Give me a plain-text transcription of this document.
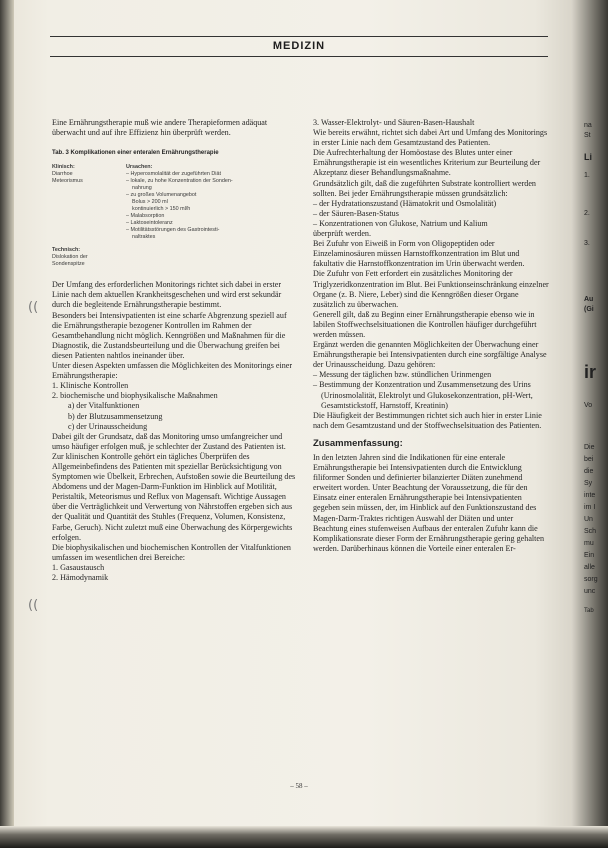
MEDIZIN

Eine Ernährungstherapie muß wie andere Therapieformen adäquat überwacht und auf ihre Effizienz hin überprüft werden.

Tab. 3 Komplikationen einer enteralen Ernährungstherapie
Klinisch:
Diarrhoe
Meteorismus
Ursachen:
– Hyperosmolalität der zugeführten Diät
– lokale, zu hohe Konzentration der Sonden-
nahrung
– zu großes Volumenangebot
Bolus > 200 ml
kontinuierlich > 150 ml/h
– Malabsorption
– Laktoseintoleranz
– Motilitätsstörungen des Gastrointesti-
naltraktes
Technisch:
Dislokation der
Sondenspitze

Der Umfang des erforderlichen Monitorings richtet sich dabei in erster Linie nach dem aktuellen Krankheitsgeschehen und wird erst sekundär durch die begleitende Ernährungstherapie bestimmt.

Besonders bei Intensivpatienten ist eine scharfe Abgrenzung speziell auf die Ernährungstherapie bezogener Kontrollen im Rahmen der Gesamtbehandlung nicht möglich. Kenngrößen und Maßnahmen für die Diagnostik, die Zustandsbeurteilung und die Überwachung greifen bei diesen Patienten nahtlos ineinander über.

Unter diesen Aspekten umfassen die Möglichkeiten des Monitorings einer Ernährungstherapie:

1. Klinische Kontrollen

2. biochemische und biophysikalische Maßnahmen

a) der Vitalfunktionen

b) der Blutzusammensetzung

c) der Urinausscheidung

Dabei gilt der Grundsatz, daß das Monitoring umso umfangreicher und umso häufiger erfolgen muß, je schlechter der Zustand des Patienten ist. Zur klinischen Kontrolle gehört ein tägliches Überprüfen des Allgemeinbefindens des Patienten mit speziellar Berücksichtigung von Symptomen wie Übelkeit, Erbrechen, Aufstoßen sowie die Beurteilung des Abdomens und der Magen-Darm-Funktion im Hinblick auf Motilität, Peristaltik, Meteorismus und Reflux von Magensaft. Wichtige Aussagen über die Verträglichkeit und Verwertung von Nährstoffen ergeben sich aus der Qualität und Quantität des Stuhles (Frequenz, Volumen, Konsistenz, Farbe, Geruch). Nicht zuletzt muß eine Überwachung des Körpergewichts erfolgen.

Die biophysikalischen und biochemischen Kontrollen der Vitalfunktionen umfassen im wesentlichen drei Bereiche:

1. Gasaustausch

2. Hämodynamik

((
((

3. Wasser-Elektrolyt- und Säuren-Basen-Haushalt

Wie bereits erwähnt, richtet sich dabei Art und Umfang des Monitorings in erster Linie nach dem Gesamtzustand des Patienten.

Die Aufrechterhaltung der Homöostase des Blutes unter einer Ernährungstherapie ist ein wesentliches Kriterium zur Beurteilung der Akzeptanz dieser Behandlungsmaßnahme.

Grundsätzlich gilt, daß die zugeführten Substrate kontrolliert werden sollten. Bei jeder Ernährungstherapie müssen grundsätzlich:

– der Hydratationszustand (Hämatokrit und Osmolalität)

– der Säuren-Basen-Status

– Konzentrationen von Glukose, Natrium und Kalium

überprüft werden.

Bei Zufuhr von Eiweiß in Form von Oligopeptiden oder Einzelaminosäuren müssen Harnstoffkonzentration im Blut und fakultativ die Harnstoffkonzentration im Urin überwacht werden.

Die Zufuhr von Fett erfordert ein zusätzliches Monitoring der Triglyzeridkonzentration im Blut. Bei Funktionseinschränkung einzelner Organe (z. B. Niere, Leber) sind die Kenngrößen dieser Organe zusätzlich zu überwachen.

Generell gilt, daß zu Beginn einer Ernährungstherapie ebenso wie in labilen Stoffwechselsituationen die Kontrollen häufiger durchgeführt werden müssen.

Ergänzt werden die genannten Möglichkeiten der Überwachung einer Ernährungstherapie bei Intensivpatienten durch eine sorgfältige Analyse der Urinausscheidung. Dazu gehören:

– Messung der täglichen bzw. stündlichen Urinmengen

– Bestimmung der Konzentration und Zusammensetzung des Urins (Urinosmolalität, Elektrolyt und Glukosekonzentration, pH-Wert, Gesamtstickstoff, Harnstoff, Kreatinin)

Die Häufigkeit der Bestimmungen richtet sich auch hier in erster Linie nach dem Gesamtzustand und der Stoffwechselsituation des Patienten.

Zusammenfassung:

In den letzten Jahren sind die Indikationen für eine enterale Ernährungstherapie bei Intensivpatienten durch die Entwicklung filiformer Sonden und definierter bilanzierter Diäten zunehmend erweitert worden. Unter Beachtung der Voraussetzung, die für den Einsatz einer enteralen Ernährungstherapie bei Intensivpatienten gegeben sein müssen, der, im Hinblick auf den Funktionszustand des Magen-Darm-Traktes richtigen Auswahl der Diäten und unter Beachtung eines stufenweisen Aufbaus der enteralen Zufuhr kann die Komplikationsrate dieser Form der Ernährungstherapie gering gehalten werden. Darüberhinaus können die Vorteile einer enteralen Er-

na
St
Li
1.
2.
3.
Au
(Gi
ir
Vo
Die
bei
die
Sy
inte
im I
Un
Sch
mu
Ein
alle
sorg
unc
Tab
– 58 –
